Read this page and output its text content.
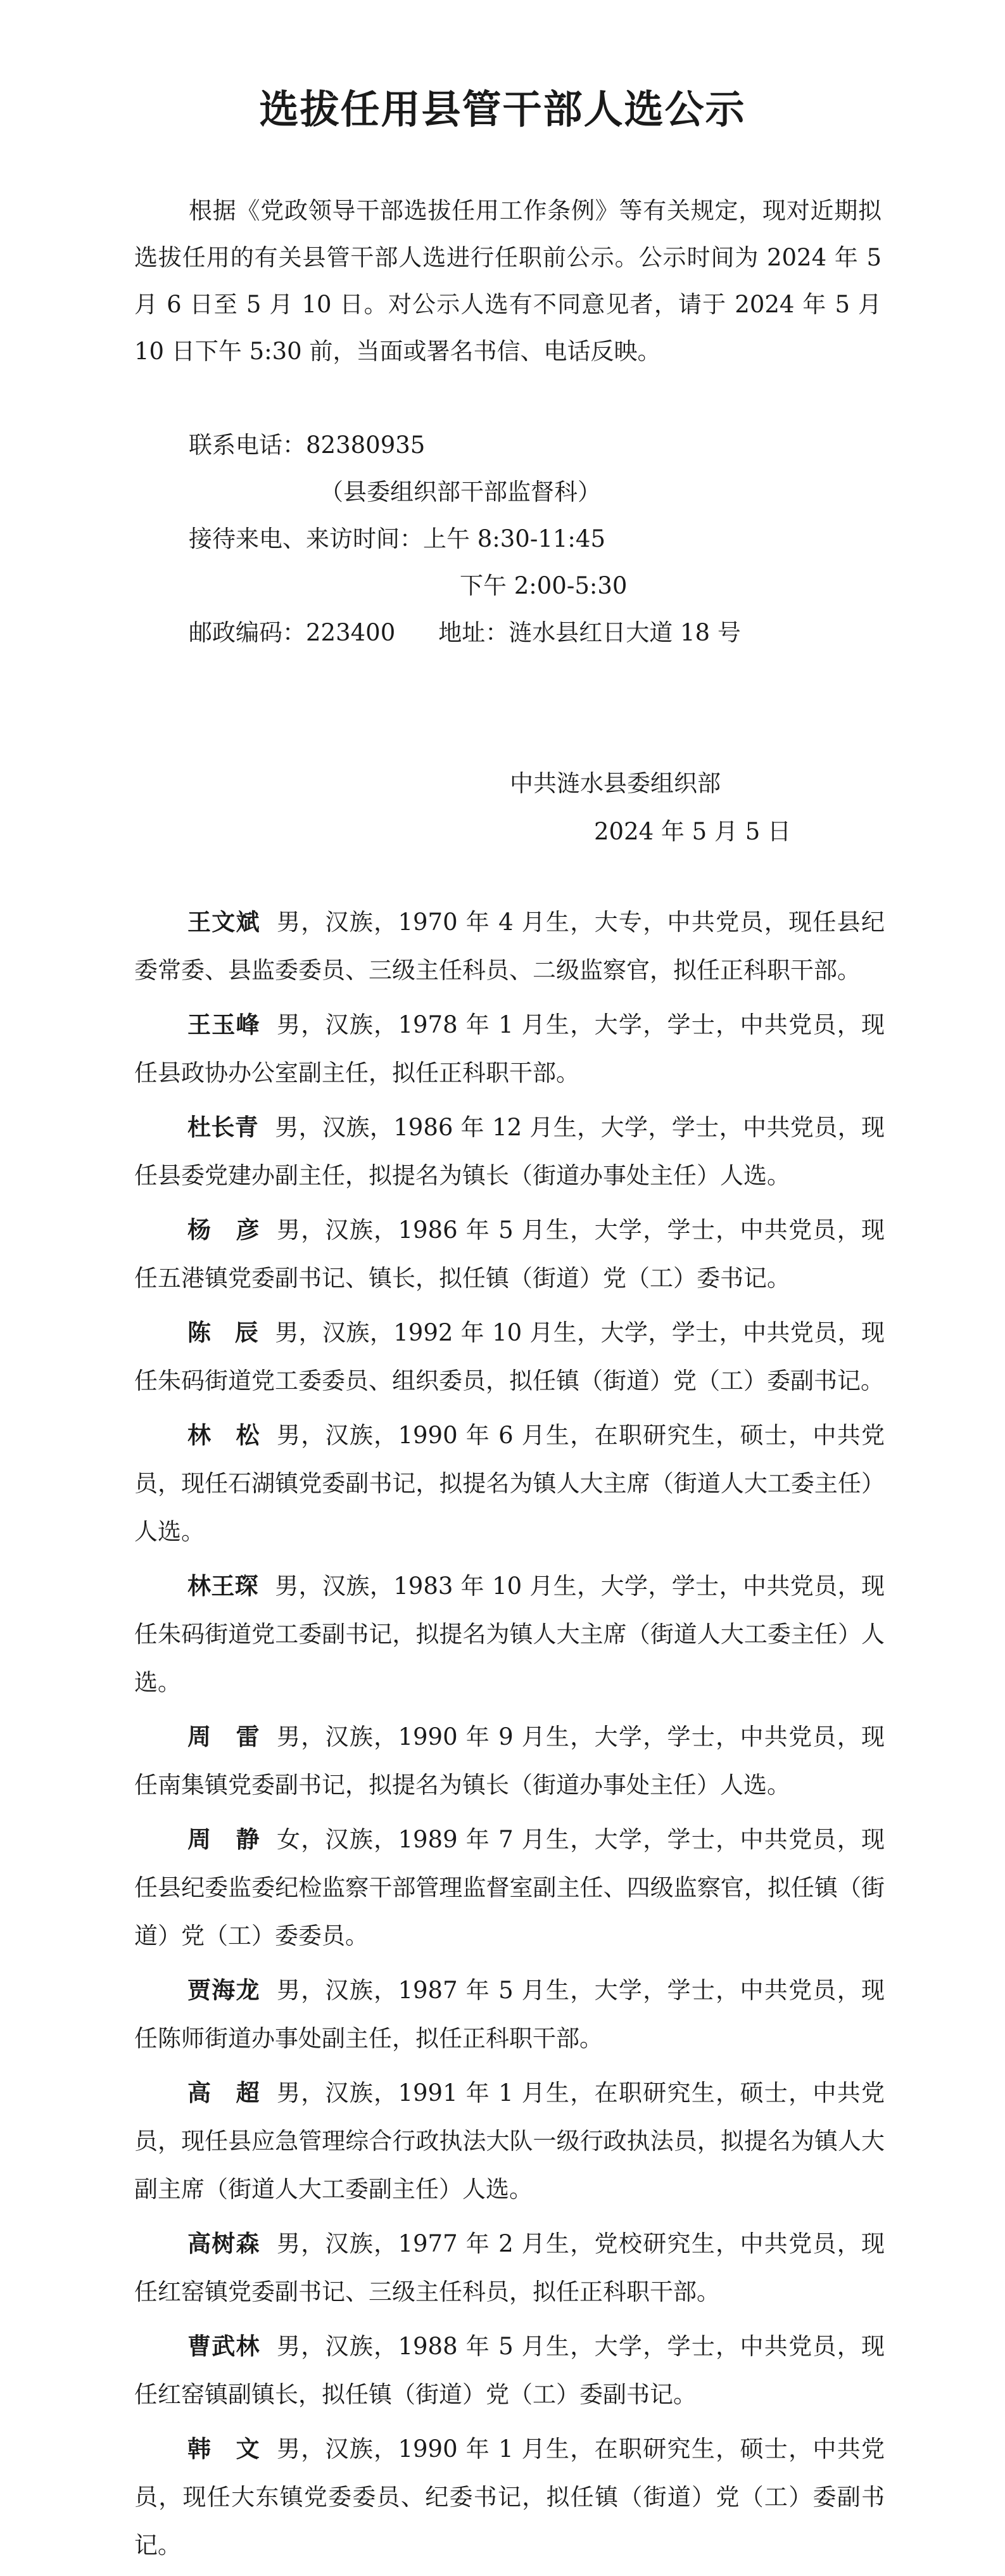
选拔任用县管干部人选公示

根据《党政领导干部选拔任用工作条例》等有关规定，现对近期拟选拔任用的有关县管干部人选进行任职前公示。公示时间为 2024 年 5 月 6 日至 5 月 10 日。对公示人选有不同意见者，请于 2024 年 5 月 10 日下午 5:30 前，当面或署名书信、电话反映。

联系电话：82380935
（县委组织部干部监督科）
接待来电、来访时间：上午 8:30-11:45
下午 2:00-5:30
邮政编码：223400 地址：涟水县红日大道 18 号
中共涟水县委组织部
2024 年 5 月 5 日

王文斌 男，汉族，1970 年 4 月生，大专，中共党员，现任县纪委常委、县监委委员、三级主任科员、二级监察官，拟任正科职干部。

王玉峰 男，汉族，1978 年 1 月生，大学，学士，中共党员，现任县政协办公室副主任，拟任正科职干部。

杜长青 男，汉族，1986 年 12 月生，大学，学士，中共党员，现任县委党建办副主任，拟提名为镇长（街道办事处主任）人选。

杨　彦 男，汉族，1986 年 5 月生，大学，学士，中共党员，现任五港镇党委副书记、镇长，拟任镇（街道）党（工）委书记。

陈　辰 男，汉族，1992 年 10 月生，大学，学士，中共党员，现任朱码街道党工委委员、组织委员，拟任镇（街道）党（工）委副书记。

林　松 男，汉族，1990 年 6 月生，在职研究生，硕士，中共党员，现任石湖镇党委副书记，拟提名为镇人大主席（街道人大工委主任）人选。

林王琛 男，汉族，1983 年 10 月生，大学，学士，中共党员，现任朱码街道党工委副书记，拟提名为镇人大主席（街道人大工委主任）人选。

周　雷 男，汉族，1990 年 9 月生，大学，学士，中共党员，现任南集镇党委副书记，拟提名为镇长（街道办事处主任）人选。

周　静 女，汉族，1989 年 7 月生，大学，学士，中共党员，现任县纪委监委纪检监察干部管理监督室副主任、四级监察官，拟任镇（街道）党（工）委委员。

贾海龙 男，汉族，1987 年 5 月生，大学，学士，中共党员，现任陈师街道办事处副主任，拟任正科职干部。

高　超 男，汉族，1991 年 1 月生，在职研究生，硕士，中共党员，现任县应急管理综合行政执法大队一级行政执法员，拟提名为镇人大副主席（街道人大工委副主任）人选。

高树森 男，汉族，1977 年 2 月生，党校研究生，中共党员，现任红窑镇党委副书记、三级主任科员，拟任正科职干部。

曹武林 男，汉族，1988 年 5 月生，大学，学士，中共党员，现任红窑镇副镇长，拟任镇（街道）党（工）委副书记。

韩　文 男，汉族，1990 年 1 月生，在职研究生，硕士，中共党员，现任大东镇党委委员、纪委书记，拟任镇（街道）党（工）委副书记。
